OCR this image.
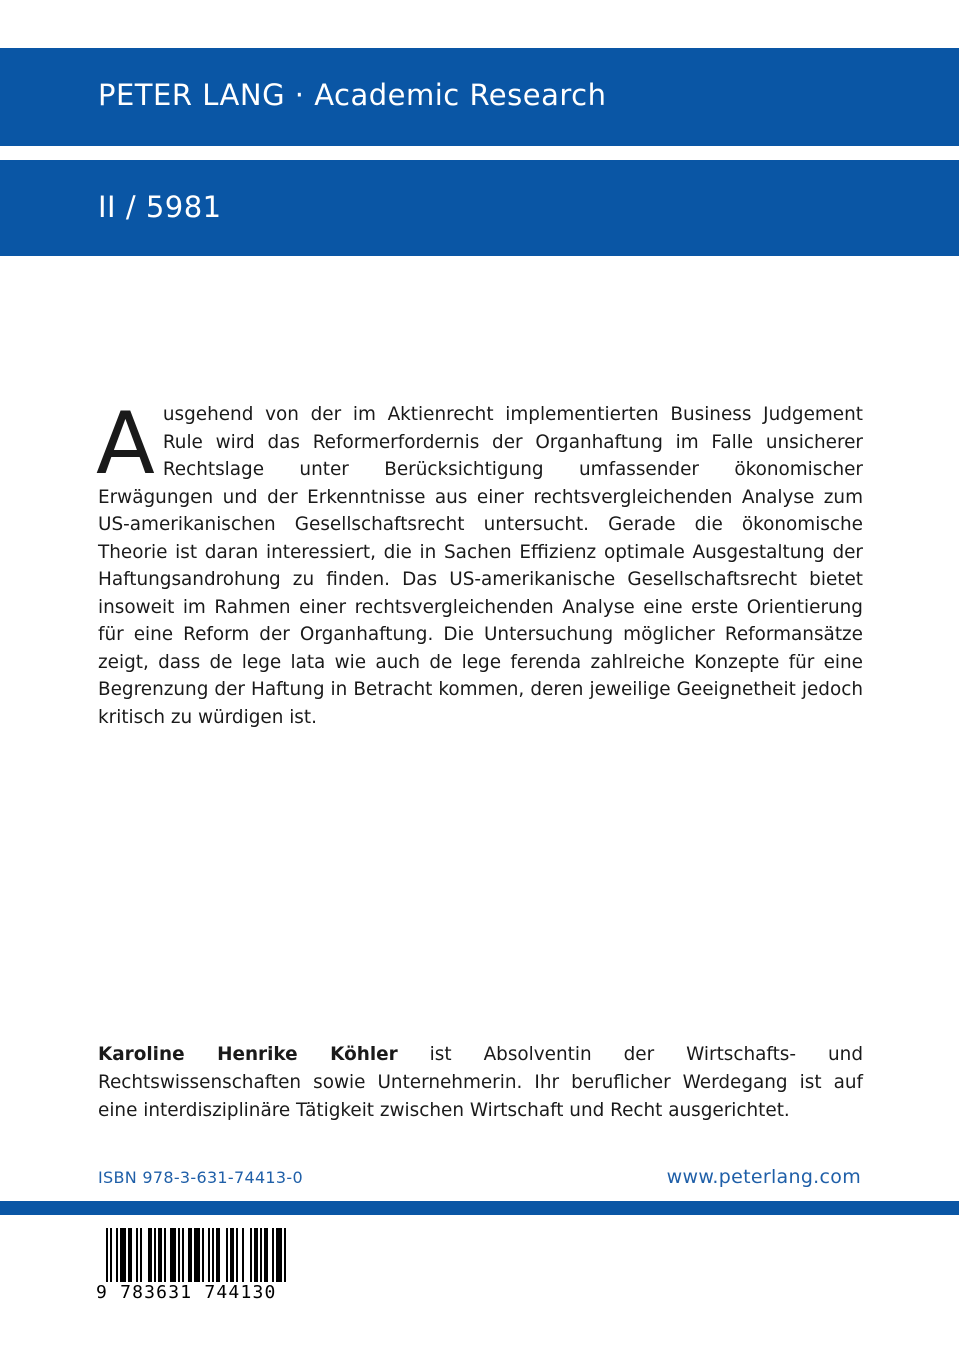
PETER LANG · Academic Research
II / 5981

Ausgehend von der im Aktienrecht implementierten Business Judgement Rule wird das Reformerfordernis der Organhaftung im Falle unsicherer Rechtslage unter Berücksichtigung umfassender ökonomischer Erwägungen und der Erkenntnisse aus einer rechtsvergleichenden Analyse zum US-amerikanischen Gesellschaftsrecht untersucht. Gerade die ökonomische Theorie ist daran interessiert, die in Sachen Effizienz optimale Ausgestaltung der Haftungsandrohung zu finden. Das US-amerikanische Gesellschaftsrecht bietet insoweit im Rahmen einer rechtsvergleichenden Analyse eine erste Orientierung für eine Reform der Organhaftung. Die Untersuchung möglicher Reformansätze zeigt, dass de lege lata wie auch de lege ferenda zahlreiche Konzepte für eine Begrenzung der Haftung in Betracht kommen, deren jeweilige Geeignetheit jedoch kritisch zu würdigen ist.

Karoline Henrike Köhler ist Absolventin der Wirtschafts- und Rechtswissenschaften sowie Unternehmerin. Ihr beruflicher Werdegang ist auf eine interdisziplinäre Tätigkeit zwischen Wirtschaft und Recht ausgerichtet.

ISBN 978-3-631-74413-0	www.peterlang.com
9 783631 744130
